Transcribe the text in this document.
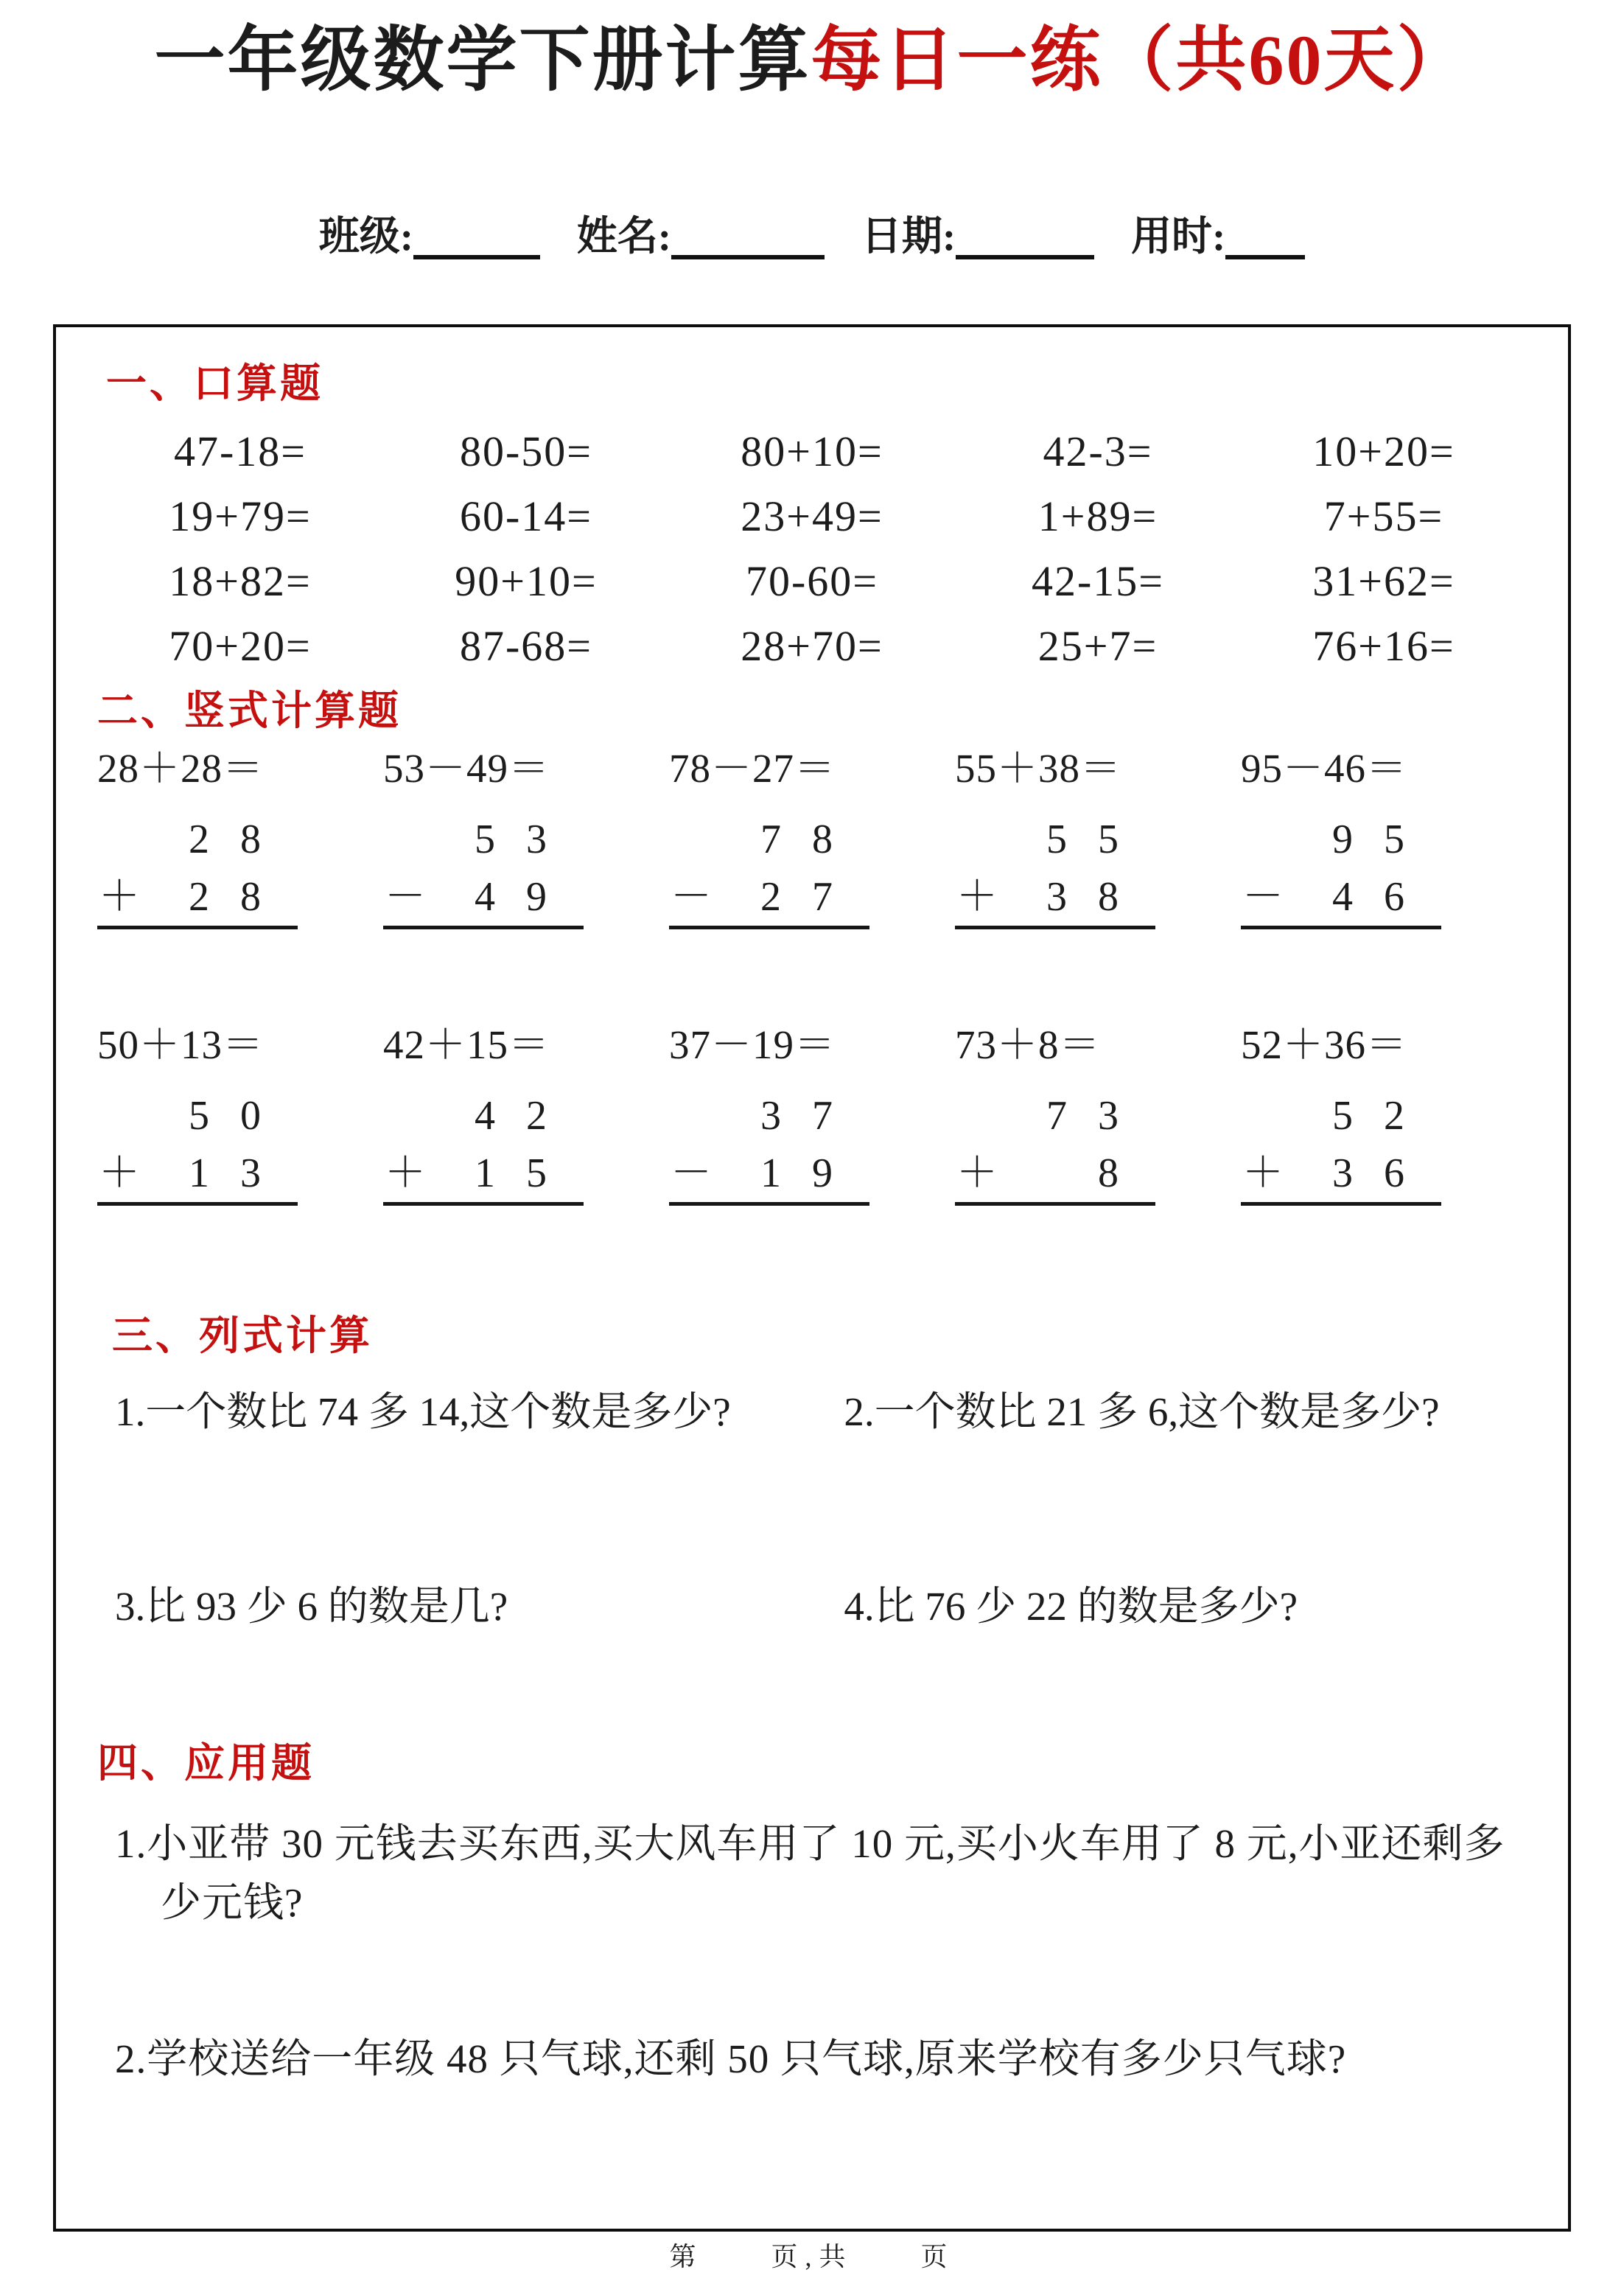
一年级数学下册计算每日一练（共60天）
班级:	姓名:	日期:	用时:
一、口算题
47-18=	80-50=	80+10=	42-3=	10+20=
19+79=	60-14=	23+49=	1+89=	7+55=
18+82=	90+10=	70-60=	42-15=	31+62=
70+20=	87-68=	28+70=	25+7=	76+16=
二、竖式计算题
28＋28＝
28
＋ 28
53－49＝
53
－ 49
78－27＝
78
－ 27
55＋38＝
55
＋ 38
95－46＝
95
－ 46
50＋13＝
50
＋ 13
42＋15＝
42
＋ 15
37－19＝
37
－ 19
73＋8＝
73
＋ 8
52＋36＝
52
＋ 36
三、列式计算
1.一个数比 74 多 14,这个数是多少?	2.一个数比 21 多 6,这个数是多少?
3.比 93 少 6 的数是几?	4.比 76 少 22 的数是多少?
四、应用题

1.小亚带 30 元钱去买东西,买大风车用了 10 元,买小火车用了 8 元,小亚还剩多少元钱?

2.学校送给一年级 48 只气球,还剩 50 只气球,原来学校有多少只气球?

第　　页,共　　页
